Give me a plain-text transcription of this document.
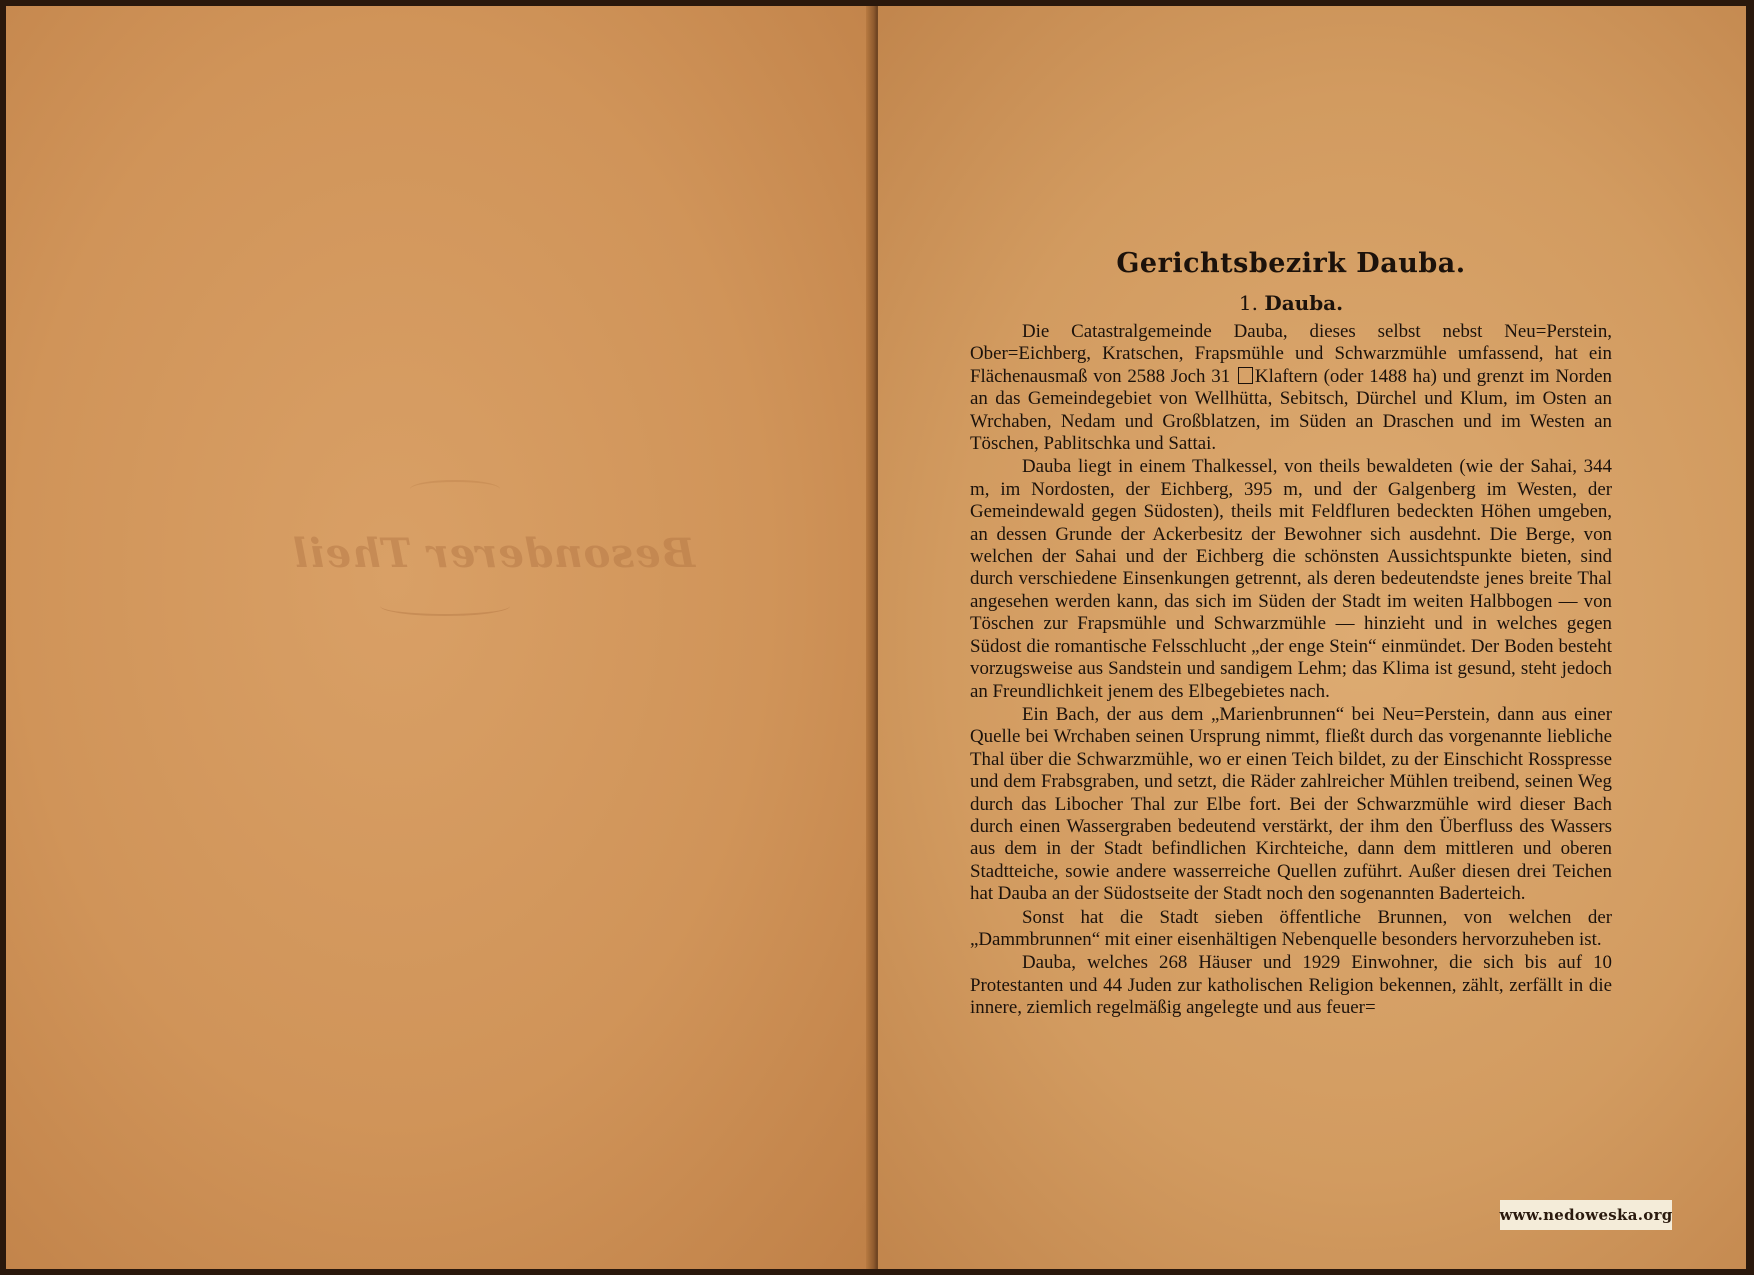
Besonderer Theil
Gerichtsbezirk Dauba.
1. Dauba.

Die Catastralgemeinde Dauba, dieses selbst nebst Neu=Perstein, Ober=Eichberg, Kratschen, Frapsmühle und Schwarzmühle umfassend, hat ein Flächenausmaß von 2588 Joch 31 Klaftern (oder 1488 ha) und grenzt im Norden an das Gemeindegebiet von Wellhütta, Sebitsch, Dürchel und Klum, im Osten an Wrchaben, Nedam und Großblatzen, im Süden an Draschen und im Westen an Töschen, Pablitschka und Sattai.

Dauba liegt in einem Thalkessel, von theils bewaldeten (wie der Sahai, 344 m, im Nordosten, der Eichberg, 395 m, und der Galgenberg im Westen, der Gemeindewald gegen Südosten), theils mit Feldfluren bedeckten Höhen umgeben, an dessen Grunde der Ackerbesitz der Bewohner sich ausdehnt. Die Berge, von welchen der Sahai und der Eichberg die schönsten Aussichtspunkte bieten, sind durch verschiedene Einsenkungen getrennt, als deren bedeutendste jenes breite Thal angesehen werden kann, das sich im Süden der Stadt im weiten Halbbogen — von Töschen zur Frapsmühle und Schwarzmühle — hinzieht und in welches gegen Südost die romantische Felsschlucht „der enge Stein“ einmündet. Der Boden besteht vorzugsweise aus Sandstein und sandigem Lehm; das Klima ist gesund, steht jedoch an Freundlichkeit jenem des Elbegebietes nach.

Ein Bach, der aus dem „Marienbrunnen“ bei Neu=Perstein, dann aus einer Quelle bei Wrchaben seinen Ursprung nimmt, fließt durch das vorgenannte liebliche Thal über die Schwarzmühle, wo er einen Teich bildet, zu der Einschicht Rosspresse und dem Frabsgraben, und setzt, die Räder zahlreicher Mühlen treibend, seinen Weg durch das Libocher Thal zur Elbe fort. Bei der Schwarzmühle wird dieser Bach durch einen Wassergraben bedeutend verstärkt, der ihm den Überfluss des Wassers aus dem in der Stadt befindlichen Kirchteiche, dann dem mittleren und oberen Stadtteiche, sowie andere wasserreiche Quellen zuführt. Außer diesen drei Teichen hat Dauba an der Südostseite der Stadt noch den sogenannten Baderteich.

Sonst hat die Stadt sieben öffentliche Brunnen, von welchen der „Dammbrunnen“ mit einer eisenhältigen Nebenquelle besonders hervorzuheben ist.

Dauba, welches 268 Häuser und 1929 Einwohner, die sich bis auf 10 Protestanten und 44 Juden zur katholischen Religion bekennen, zählt, zerfällt in die innere, ziemlich regelmäßig angelegte und aus feuer=

www.nedoweska.org
